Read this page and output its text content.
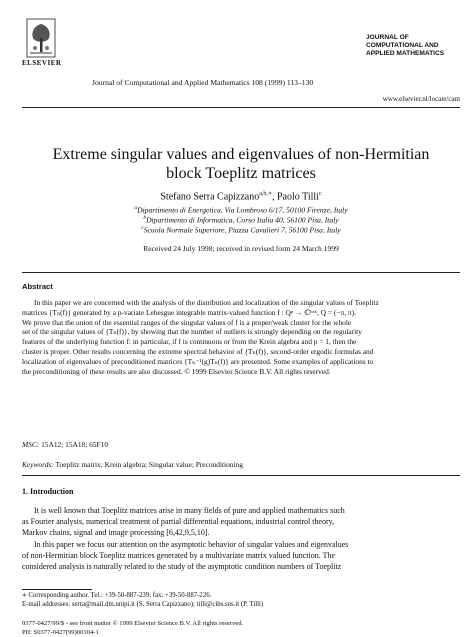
ELSEVIER
Journal of Computational and Applied Mathematics 108 (1999) 113–130
JOURNAL OF
COMPUTATIONAL AND
APPLIED MATHEMATICS
www.elsevier.nl/locate/cam
Extreme singular values and eigenvalues of non-Hermitian
block Toeplitz matrices
Stefano Serra Capizzano$^{a,b,∗}$, Paolo Tilli$^c$
$^a$Dipartimento di Energetica, Via Lombroso 6/17, 50100 Firenze, Italy
$^b$Dipartimento di Informatica, Corso Italia 40, 56100 Pisa, Italy
$^c$Scuola Normale Superiore, Piazza Cavalieri 7, 56100 Pisa, Italy
Received 24 July 1998; received in revised form 24 March 1999
Abstract
In this paper we are concerned with the analysis of the distribution and localization of the singular values of Toeplitz
matrices {Tₙ(f)} generated by a p-variate Lebesgue integrable matrix-valued function f : Qᵖ → ℂʰˣᵏ, Q = (−π, π).
We prove that the union of the essential ranges of the singular values of f is a proper/weak cluster for the whole
set of the singular values of {Tₙ(f)}, by showing that the number of outliers is strongly depending on the regularity
features of the underlying function f: in particular, if f is continuous or from the Krein algebra and p = 1, then the
cluster is proper. Other results concerning the extreme spectral behavior of {Tₙ(f)}, second-order ergodic formulas and
localization of eigenvalues of preconditioned matrices {Tₙ⁻¹(g)Tₙ(f)} are presented. Some examples of applications to
the preconditioning of these results are also discussed. © 1999 Elsevier Science B.V. All rights reserved.
MSC: 15A12; 15A18; 65F10
Keywords: Toeplitz matrix; Krein algebra; Singular value; Preconditioning
1. Introduction
It is well known that Toeplitz matrices arise in many fields of pure and applied mathematics such
as Fourier analysis, numerical treatment of partial differential equations, industrial control theory,
Markov chains, signal and image processing [6,42,9,5,10].
In this paper we focus our attention on the asymptotic behavior of singular values and eigenvalues
of non-Hermitian block Toeplitz matrices generated by a multivariate matrix valued function. The
considered analysis is naturally related to the study of the asymptotic condition numbers of Toeplitz
∗ Corresponding author. Tel.: +39-50-887-239; fax: +39-50-887-226.
E-mail addresses: serra@mail.dm.unipi.it (S. Serra Capizzano); tilli@cibs.sns.it (P. Tilli)
0377-0427/99/$ - see front matter © 1999 Elsevier Science B.V. All rights reserved.
PII: S0377-0427(99)00104-1
